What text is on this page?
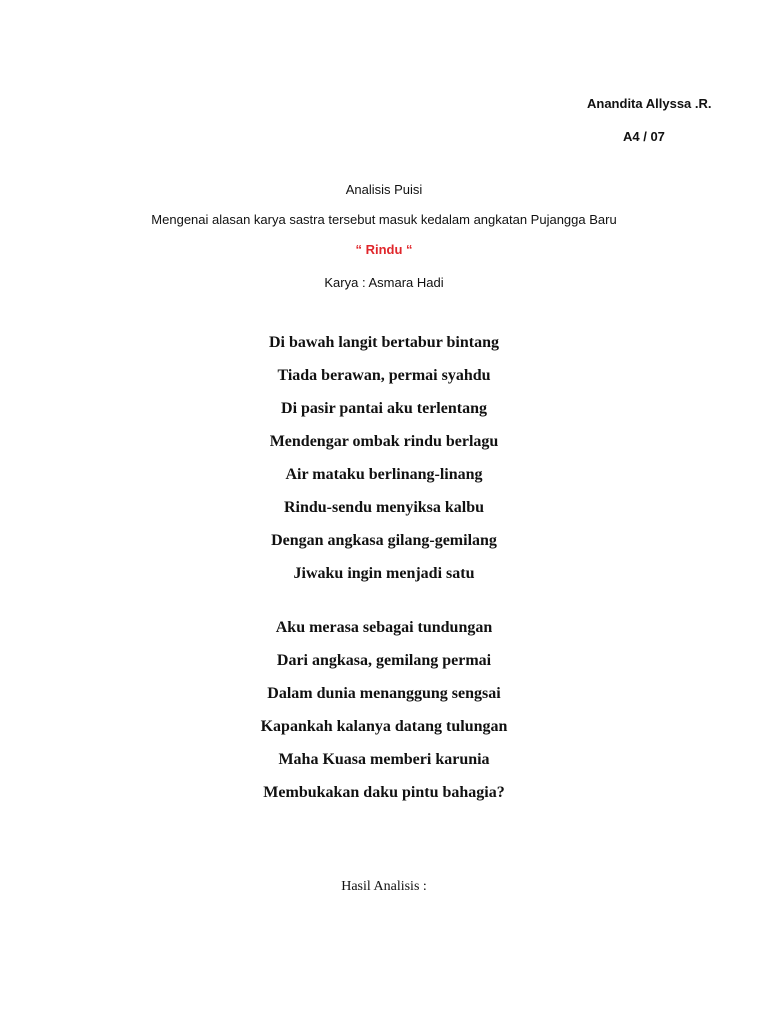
Anandita Allyssa .R.
A4 / 07
Analisis Puisi
Mengenai alasan karya sastra tersebut masuk kedalam angkatan Pujangga Baru
“ Rindu “
Karya : Asmara Hadi
Di bawah langit bertabur bintang
Tiada berawan, permai syahdu
Di pasir pantai aku terlentang
Mendengar ombak rindu berlagu
Air mataku berlinang-linang
Rindu-sendu menyiksa kalbu
Dengan angkasa gilang-gemilang
Jiwaku ingin menjadi satu
Aku merasa sebagai tundungan
Dari angkasa, gemilang permai
Dalam dunia menanggung sengsai
Kapankah kalanya datang tulungan
Maha Kuasa memberi karunia
Membukakan daku pintu bahagia?
Hasil Analisis :
